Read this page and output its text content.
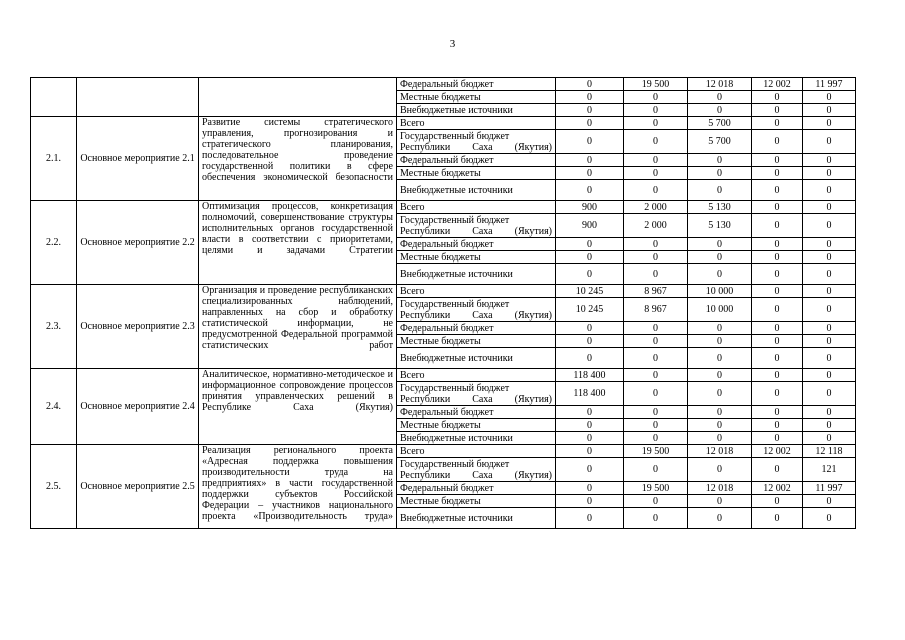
3
			Федеральный бюджет	0	19 500	12 018	12 002	11 997
			Местные бюджеты	0	0	0	0	0
			Внебюджетные источники	0	0	0	0	0
2.1.	Основное мероприятие 2.1	Развитие системы стратегического управления, прогнозирования и стратегического планирования, последовательное проведение государственной политики в сфере обеспечения экономической безопасности	Всего	0	0	5 700	0	0
			Государственный бюджет Республики Саха (Якутия)	0	0	5 700	0	0
			Федеральный бюджет	0	0	0	0	0
			Местные бюджеты	0	0	0	0	0
			Внебюджетные источники	0	0	0	0	0
2.2.	Основное мероприятие 2.2	Оптимизация процессов, конкретизация полномочий, совершенствование структуры исполнительных органов государственной власти в соответствии с приоритетами, целями и задачами Стратегии	Всего	900	2 000	5 130	0	0
			Государственный бюджет Республики Саха (Якутия)	900	2 000	5 130	0	0
			Федеральный бюджет	0	0	0	0	0
			Местные бюджеты	0	0	0	0	0
			Внебюджетные источники	0	0	0	0	0
2.3.	Основное мероприятие 2.3	Организация и проведение республиканских специализированных наблюдений, направленных на сбор и обработку статистической информации, не предусмотренной Федеральной программой статистических работ	Всего	10 245	8 967	10 000	0	0
			Государственный бюджет Республики Саха (Якутия)	10 245	8 967	10 000	0	0
			Федеральный бюджет	0	0	0	0	0
			Местные бюджеты	0	0	0	0	0
			Внебюджетные источники	0	0	0	0	0
2.4.	Основное мероприятие 2.4	Аналитическое, нормативно-методическое и информационное сопровождение процессов принятия управленческих решений в Республике Саха (Якутия)	Всего	118 400	0	0	0	0
			Государственный бюджет Республики Саха (Якутия)	118 400	0	0	0	0
			Федеральный бюджет	0	0	0	0	0
			Местные бюджеты	0	0	0	0	0
			Внебюджетные источники	0	0	0	0	0
2.5.	Основное мероприятие 2.5	Реализация регионального проекта «Адресная поддержка повышения производительности труда на предприятиях» в части государственной поддержки субъектов Российской Федерации – участников национального проекта «Производительность труда»	Всего	0	19 500	12 018	12 002	12 118
			Государственный бюджет Республики Саха (Якутия)	0	0	0	0	121
			Федеральный бюджет	0	19 500	12 018	12 002	11 997
			Местные бюджеты	0	0	0	0	0
			Внебюджетные источники	0	0	0	0	0
